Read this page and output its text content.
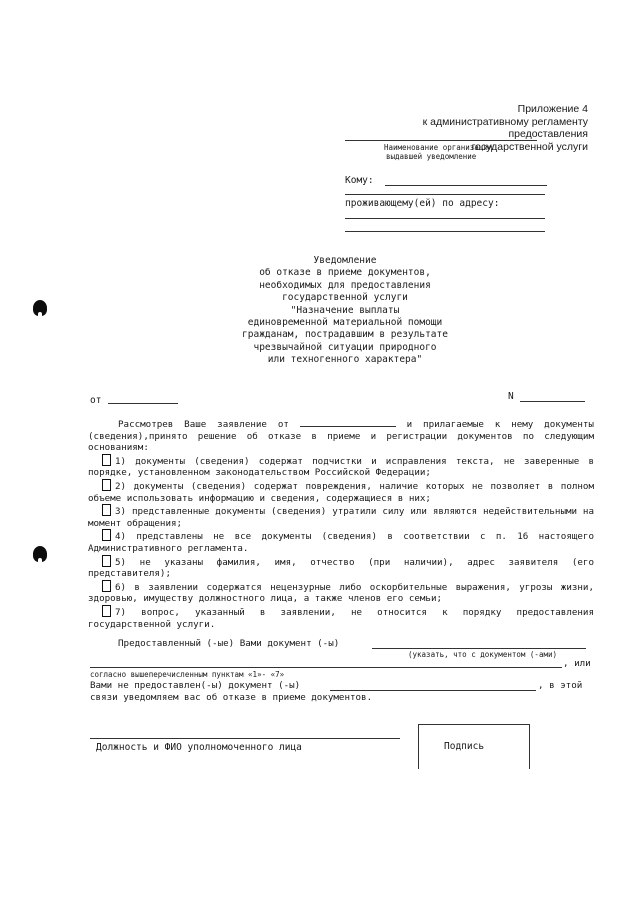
Приложение 4
к административному регламенту
предоставления
государственной услуги
Наименование организации
выдавшей уведомление
Кому:
проживающему(ей) по адресу:
Уведомление
об отказе в приеме документов,
необходимых для предоставления
государственной услуги
"Назначение выплаты
единовременной материальной помощи
гражданам, пострадавшим в результате
чрезвычайной ситуации природного
или техногенного характера"
от	N
Рассмотрев Ваше заявление от	и прилагаемые к нему документы (сведения),принято решение об отказе в приеме и регистрации документов по следующим основаниям:
1) документы (сведения) содержат подчистки и исправления текста, не заверенные в порядке, установленном законодательством Российской Федерации;
2) документы (сведения) содержат повреждения, наличие которых не позволяет в полном объеме использовать информацию и сведения, содержащиеся в них;
3) представленные документы (сведения) утратили силу или являются недействительными на момент обращения;
4) представлены не все документы (сведения) в соответствии с п. 16 настоящего Административного регламента.
5) не указаны фамилия, имя, отчество (при наличии), адрес заявителя (его представителя);
6) в заявлении содержатся нецензурные либо оскорбительные выражения, угрозы жизни, здоровью, имуществу должностного лица, а также членов его семьи;
7) вопрос, указанный в заявлении, не относится к порядку предоставления государственной услуги.
Предоставленный (-ые) Вами документ (-ы)
(указать, что с документом (-ами)
, или
согласно вышеперечисленным пунктам «1»- «7»
Вами не предоставлен(-ы) документ (-ы)	, в этой
связи уведомляем вас об отказе в приеме документов.
Должность и ФИО уполномоченного лица	Подпись
